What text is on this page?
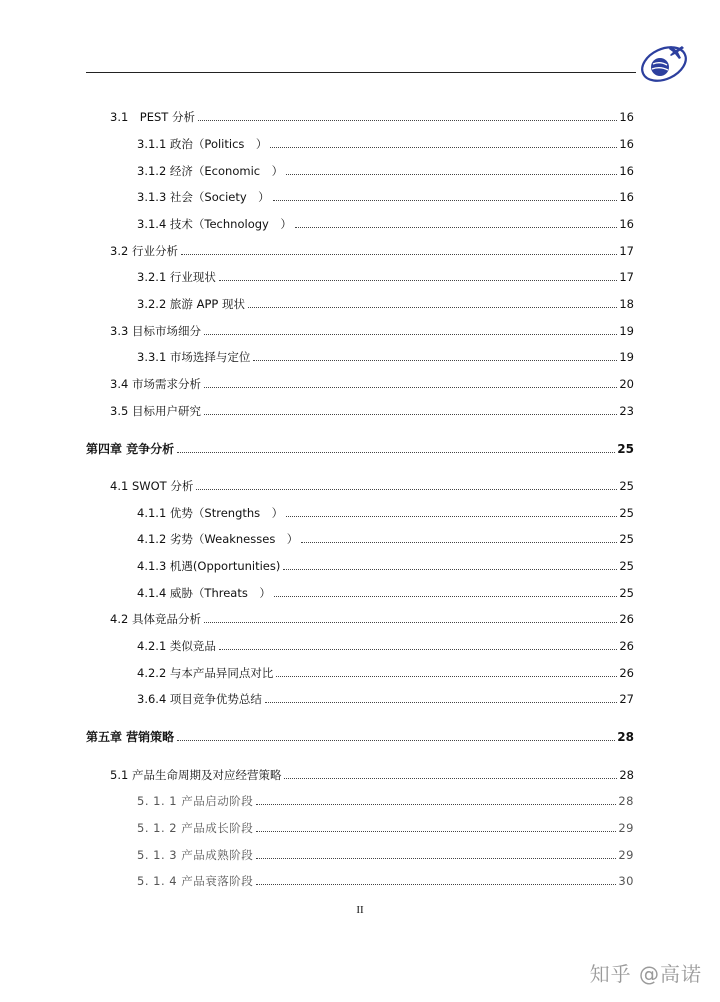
3.1　PEST 分析	16
3.1.1 政治（Politics　）	16
3.1.2 经济（Economic　）	16
3.1.3 社会（Society　）	16
3.1.4 技术（Technology　）	16
3.2 行业分析	17
3.2.1 行业现状	17
3.2.2 旅游 APP 现状	18
3.3 目标市场细分	19
3.3.1 市场选择与定位	19
3.4 市场需求分析	20
3.5 目标用户研究	23
第四章 竞争分析	25
4.1 SWOT 分析	25
4.1.1 优势（Strengths　）	25
4.1.2 劣势（Weaknesses　）	25
4.1.3 机遇(Opportunities)	25
4.1.4 威胁（Threats　）	25
4.2 具体竞品分析	26
4.2.1 类似竞品	26
4.2.2 与本产品异同点对比	26
3.6.4 项目竞争优势总结	27
第五章 营销策略	28
5.1 产品生命周期及对应经营策略	28
5. 1. 1 产品启动阶段	28
5. 1. 2 产品成长阶段	29
5. 1. 3 产品成熟阶段	29
5. 1. 4 产品衰落阶段	30
II
知乎 @高诺
